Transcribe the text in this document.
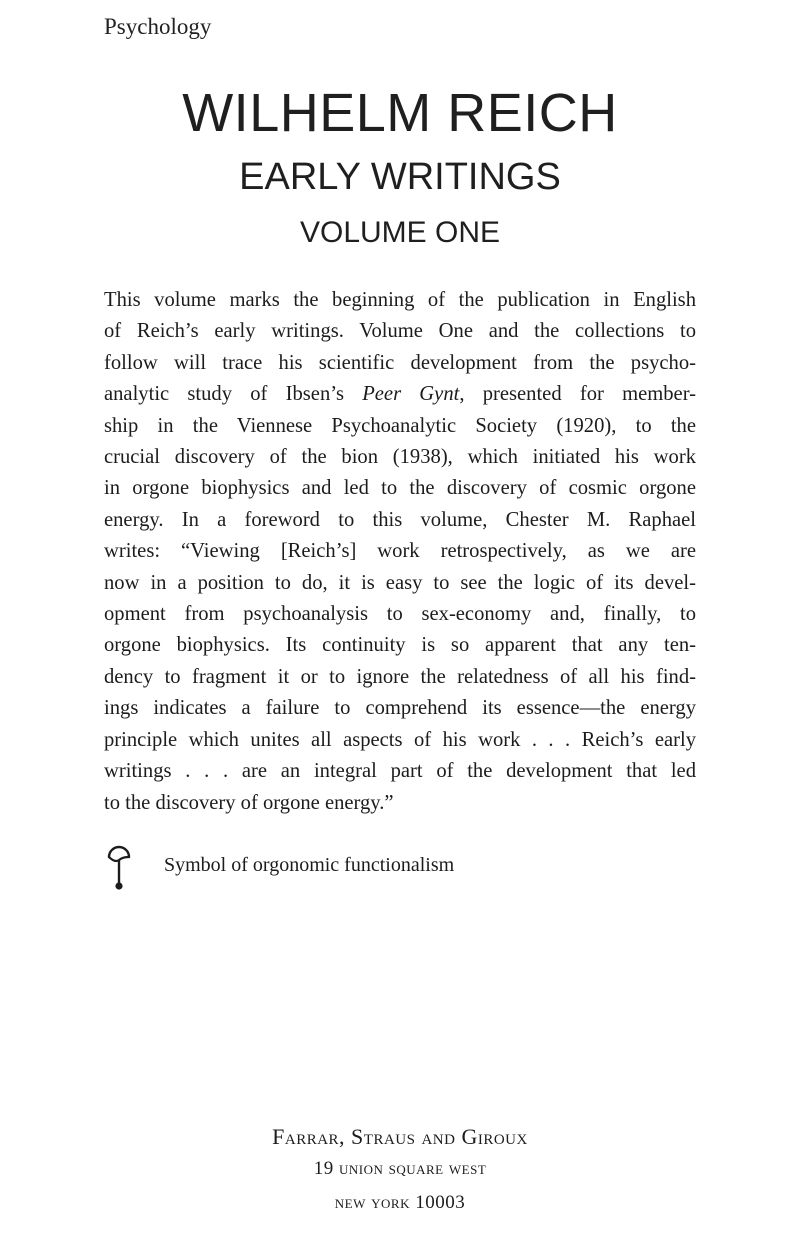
Psychology
WILHELM REICH
EARLY WRITINGS
VOLUME ONE
This volume marks the beginning of the publication in English
of Reich’s early writings. Volume One and the collections to
follow will trace his scientific development from the psycho-
analytic study of Ibsen’s Peer Gynt, presented for member-
ship in the Viennese Psychoanalytic Society (1920), to the
crucial discovery of the bion (1938), which initiated his work
in orgone biophysics and led to the discovery of cosmic orgone
energy. In a foreword to this volume, Chester M. Raphael
writes: “Viewing [Reich’s] work retrospectively, as we are
now in a position to do, it is easy to see the logic of its devel-
opment from psychoanalysis to sex-economy and, finally, to
orgone biophysics. Its continuity is so apparent that any ten-
dency to fragment it or to ignore the relatedness of all his find-
ings indicates a failure to comprehend its essence—the energy
principle which unites all aspects of his work . . . Reich’s early
writings . . . are an integral part of the development that led
to the discovery of orgone energy.”
Symbol of orgonomic functionalism
Farrar, Straus and Giroux
19 union square west
new york 10003
